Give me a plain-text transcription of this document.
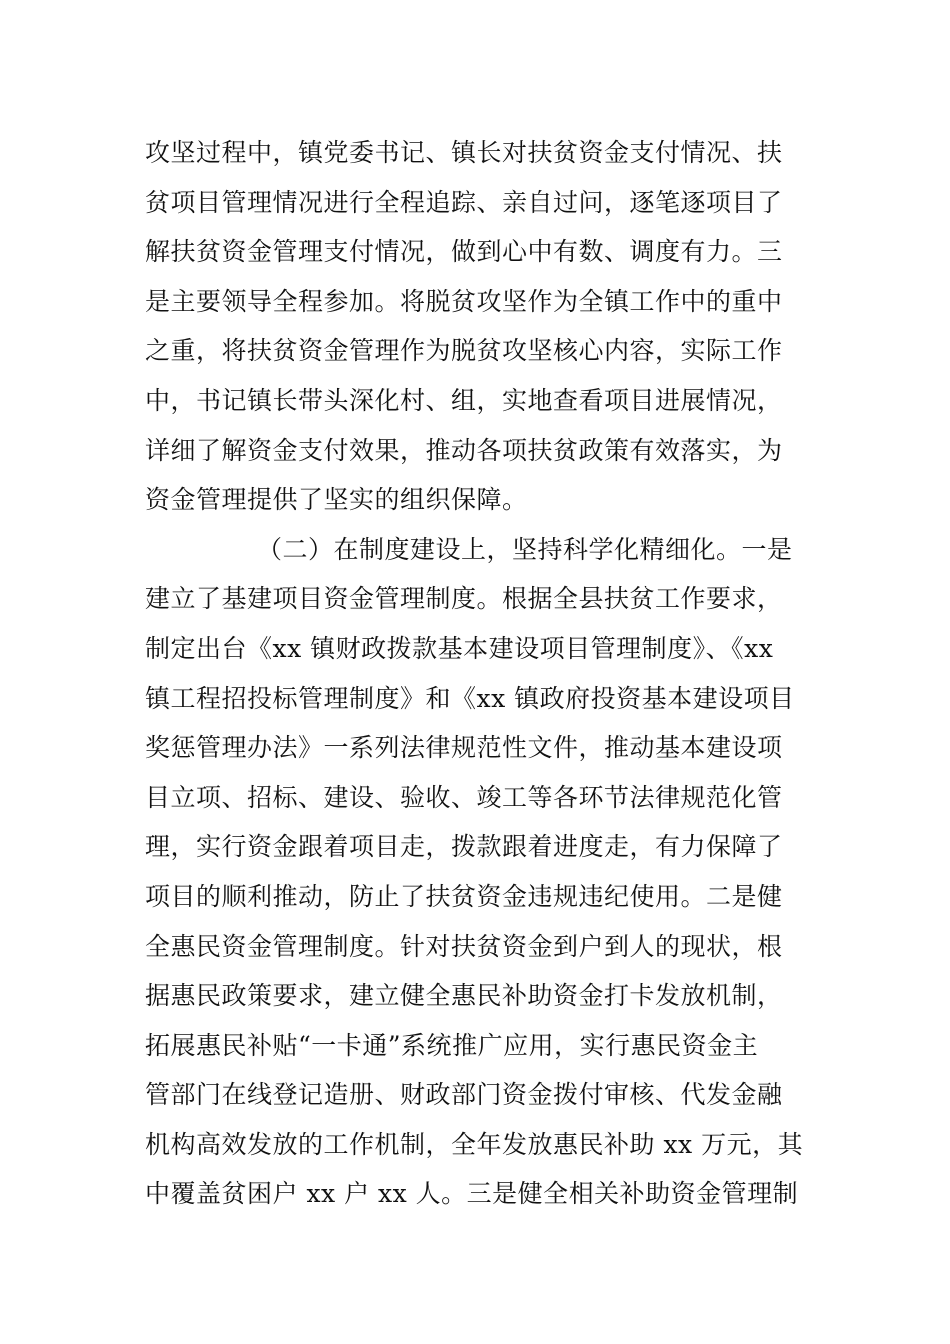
攻坚过程中，镇党委书记、镇长对扶贫资金支付情况、扶
贫项目管理情况进行全程追踪、亲自过问，逐笔逐项目了
解扶贫资金管理支付情况，做到心中有数、调度有力。三
是主要领导全程参加。将脱贫攻坚作为全镇工作中的重中
之重，将扶贫资金管理作为脱贫攻坚核心内容，实际工作
中，书记镇长带头深化村、组，实地查看项目进展情况，
详细了解资金支付效果，推动各项扶贫政策有效落实，为
资金管理提供了坚实的组织保障。
（二）在制度建设上，坚持科学化精细化。一是
建立了基建项目资金管理制度。根据全县扶贫工作要求，
制定出台《xx 镇财政拨款基本建设项目管理制度》、《xx
镇工程招投标管理制度》和《xx 镇政府投资基本建设项目
奖惩管理办法》一系列法律规范性文件，推动基本建设项
目立项、招标、建设、验收、竣工等各环节法律规范化管
理，实行资金跟着项目走，拨款跟着进度走，有力保障了
项目的顺利推动，防止了扶贫资金违规违纪使用。二是健
全惠民资金管理制度。针对扶贫资金到户到人的现状，根
据惠民政策要求，建立健全惠民补助资金打卡发放机制，
拓展惠民补贴“一卡通”系统推广应用，实行惠民资金主
管部门在线登记造册、财政部门资金拨付审核、代发金融
机构高效发放的工作机制，全年发放惠民补助 xx 万元，其
中覆盖贫困户 xx 户 xx 人。三是健全相关补助资金管理制
